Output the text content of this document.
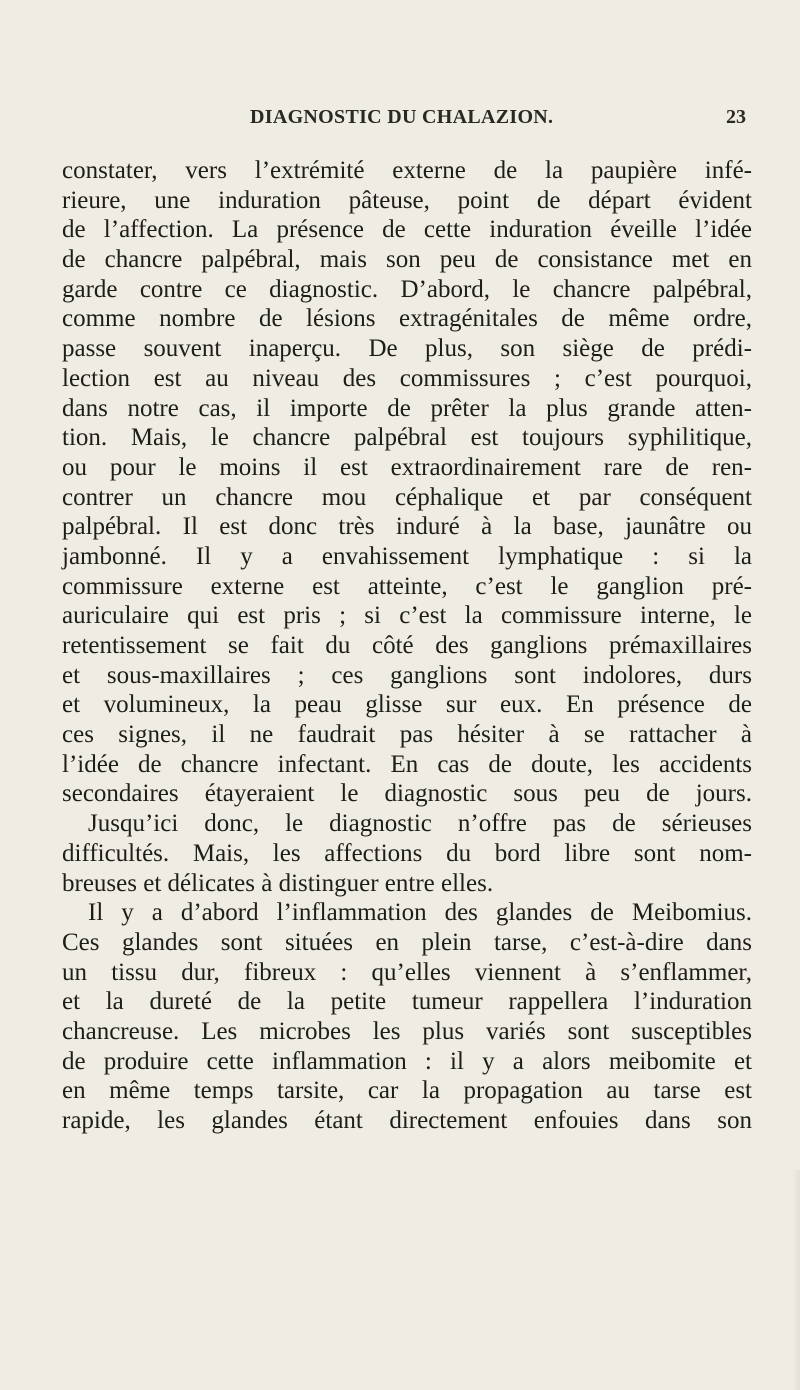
DIAGNOSTIC DU CHALAZION.	23
constater, vers l’extrémité externe de la paupière infé-
rieure, une induration pâteuse, point de départ évident
de l’affection. La présence de cette induration éveille l’idée
de chancre palpébral, mais son peu de consistance met en
garde contre ce diagnostic. D’abord, le chancre palpébral,
comme nombre de lésions extragénitales de même ordre,
passe souvent inaperçu. De plus, son siège de prédi-
lection est au niveau des commissures ; c’est pourquoi,
dans notre cas, il importe de prêter la plus grande atten-
tion. Mais, le chancre palpébral est toujours syphilitique,
ou pour le moins il est extraordinairement rare de ren-
contrer un chancre mou céphalique et par conséquent
palpébral. Il est donc très induré à la base, jaunâtre ou
jambonné. Il y a envahissement lymphatique : si la
commissure externe est atteinte, c’est le ganglion pré-
auriculaire qui est pris ; si c’est la commissure interne, le
retentissement se fait du côté des ganglions prémaxillaires
et sous-maxillaires ; ces ganglions sont indolores, durs
et volumineux, la peau glisse sur eux. En présence de
ces signes, il ne faudrait pas hésiter à se rattacher à
l’idée de chancre infectant. En cas de doute, les accidents
secondaires étayeraient le diagnostic sous peu de jours.
Jusqu’ici donc, le diagnostic n’offre pas de sérieuses
difficultés. Mais, les affections du bord libre sont nom-
breuses et délicates à distinguer entre elles.
Il y a d’abord l’inflammation des glandes de Meibomius.
Ces glandes sont situées en plein tarse, c’est-à-dire dans
un tissu dur, fibreux : qu’elles viennent à s’enflammer,
et la dureté de la petite tumeur rappellera l’induration
chancreuse. Les microbes les plus variés sont susceptibles
de produire cette inflammation : il y a alors meibomite et
en même temps tarsite, car la propagation au tarse est
rapide, les glandes étant directement enfouies dans son
